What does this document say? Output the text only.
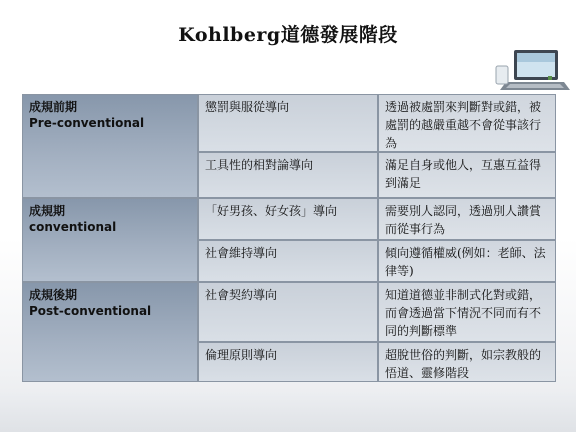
Kohlberg道德發展階段
成規前期
Pre-conventional
懲罰與服從導向	透過被處罰來判斷對或錯，被處罰的越嚴重越不會從事該行為
工具性的相對論導向	滿足自身或他人，互惠互益得到滿足
成規期
conventional
「好男孩、好女孩」導向	需要別人認同，透過別人讚賞而從事行為
社會維持導向	傾向遵循權威(例如：老師、法律等)
成規後期
Post-conventional
社會契約導向	知道道德並非制式化對或錯，而會透過當下情況不同而有不同的判斷標準
倫理原則導向	超脫世俗的判斷，如宗教般的悟道、靈修階段
